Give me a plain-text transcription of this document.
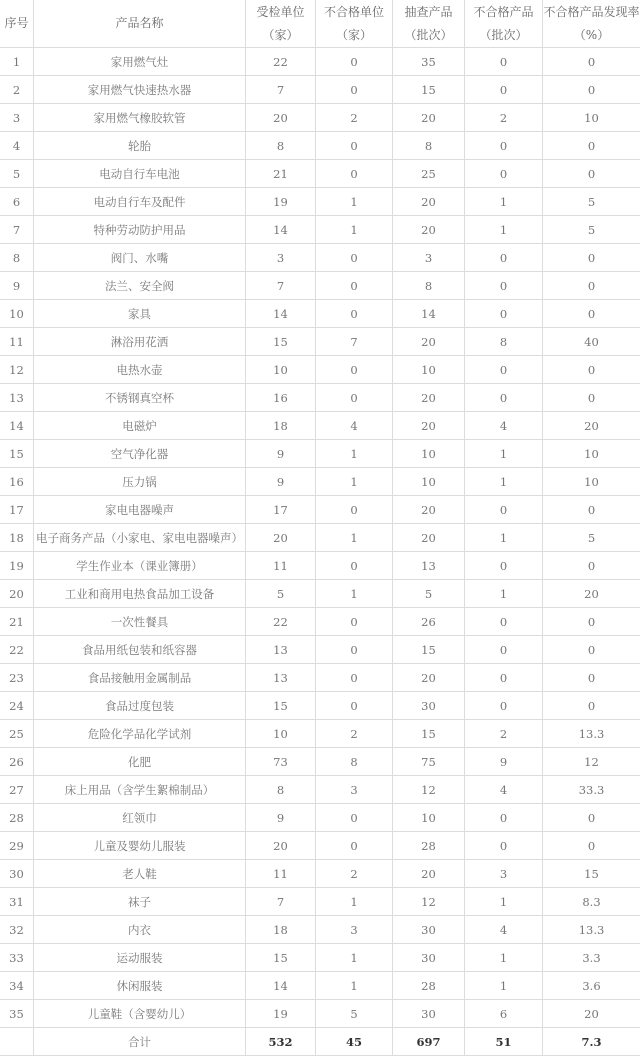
序号	产品名称	受检单位（家）	不合格单位（家）	抽查产品（批次）	不合格产品（批次）	不合格产品发现率（%）
1	家用燃气灶	22	0	35	0	0
2	家用燃气快速热水器	7	0	15	0	0
3	家用燃气橡胶软管	20	2	20	2	10
4	轮胎	8	0	8	0	0
5	电动自行车电池	21	0	25	0	0
6	电动自行车及配件	19	1	20	1	5
7	特种劳动防护用品	14	1	20	1	5
8	阀门、水嘴	3	0	3	0	0
9	法兰、安全阀	7	0	8	0	0
10	家具	14	0	14	0	0
11	淋浴用花洒	15	7	20	8	40
12	电热水壶	10	0	10	0	0
13	不锈钢真空杯	16	0	20	0	0
14	电磁炉	18	4	20	4	20
15	空气净化器	9	1	10	1	10
16	压力锅	9	1	10	1	10
17	家电电器噪声	17	0	20	0	0
18	电子商务产品（小家电、家电电器噪声）	20	1	20	1	5
19	学生作业本（课业簿册）	11	0	13	0	0
20	工业和商用电热食品加工设备	5	1	5	1	20
21	一次性餐具	22	0	26	0	0
22	食品用纸包装和纸容器	13	0	15	0	0
23	食品接触用金属制品	13	0	20	0	0
24	食品过度包装	15	0	30	0	0
25	危险化学品化学试剂	10	2	15	2	13.3
26	化肥	73	8	75	9	12
27	床上用品（含学生絮棉制品）	8	3	12	4	33.3
28	红领巾	9	0	10	0	0
29	儿童及婴幼儿服装	20	0	28	0	0
30	老人鞋	11	2	20	3	15
31	袜子	7	1	12	1	8.3
32	内衣	18	3	30	4	13.3
33	运动服装	15	1	30	1	3.3
34	休闲服装	14	1	28	1	3.6
35	儿童鞋（含婴幼儿）	19	5	30	6	20
	合计	532	45	697	51	7.3
